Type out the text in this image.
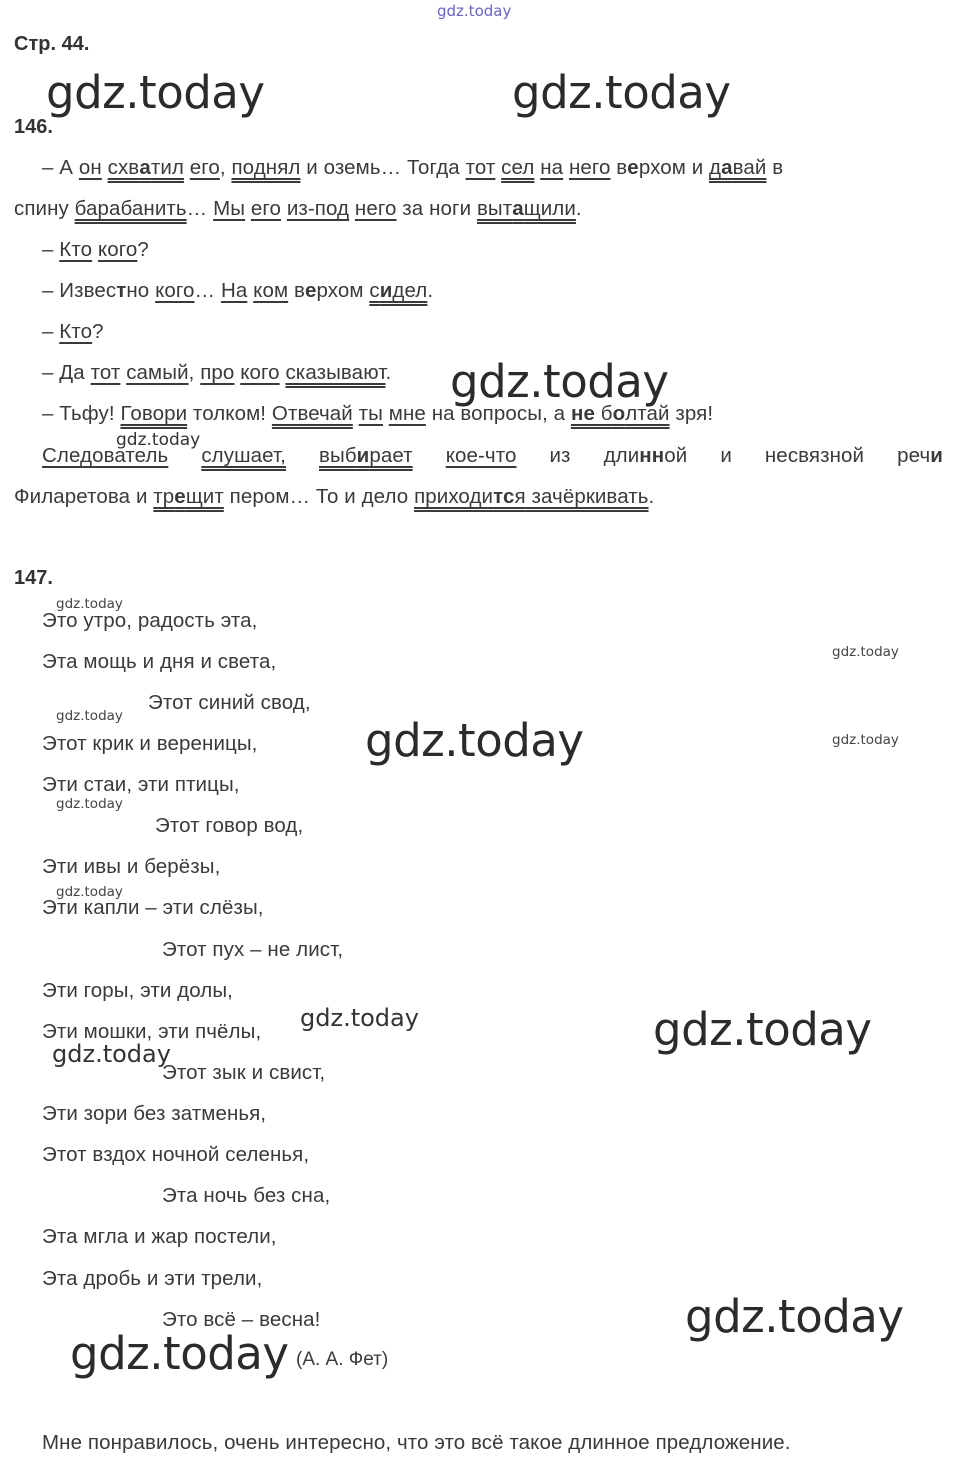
gdz.today
Стр. 44.
gdz.today	gdz.today
146.
– А он схватил его, поднял и оземь… Тогда тот сел на него верхом и давай в
спину барабанить… Мы его из-под него за ноги вытащили.
– Кто кого?
– Известно кого… На ком верхом сидел.
– Кто?
– Да тот самый, про кого сказывают. gdz.today
– Тьфу! Говори толком! Отвечай ты мне на вопросы, а не болтай зря!
gdz.today
Следователь слушает, выбирает кое-что из длинной и несвязной речи
Филаретова и трещит пером… То и дело приходится зачёркивать.
147.
gdz.today
Это утро, радость эта,
Эта мощь и дня и света,	gdz.today
Этот синий свод,
gdz.today
Этот крик и вереницы, gdz.today	gdz.today
Эти стаи, эти птицы,
gdz.today
Этот говор вод,
Эти ивы и берёзы,
gdz.today
Эти капли – эти слёзы,
Этот пух – не лист,
Эти горы, эти долы,
Эти мошки, эти пчёлы, gdz.today	gdz.today
gdz.today
Этот зык и свист,
Эти зори без затменья,
Этот вздох ночной селенья,
Эта ночь без сна,
Эта мгла и жар постели,
Эта дробь и эти трели,
Это всё – весна!	gdz.today
gdz.today (А. А. Фет)
Мне понравилось, очень интересно, что это всё такое длинное предложение.
